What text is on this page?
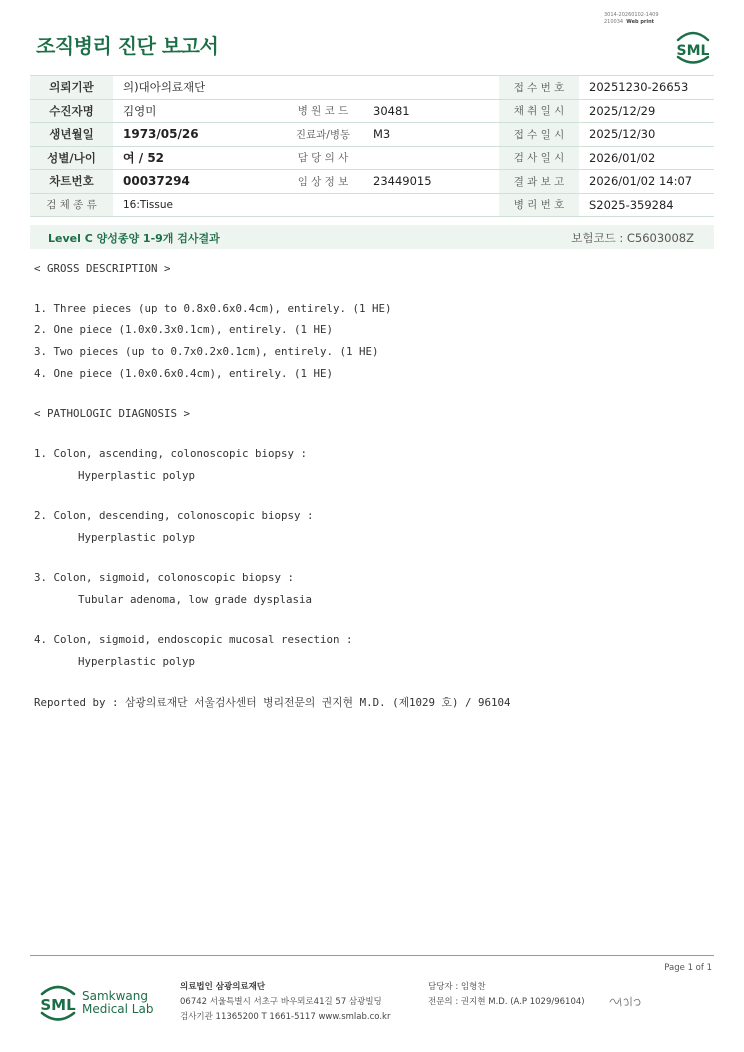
3014-20260102-1409
210034 Web print
조직병리 진단 보고서	SML
의뢰기관	의)대아의료재단			접 수 번 호	20251230-26653
수진자명	김영미	병 원 코 드	30481	채 취 일 시	2025/12/29
생년월일	1973/05/26	진료과/병동	M3	접 수 일 시	2025/12/30
성별/나이	여 / 52	담 당 의 사		검 사 일 시	2026/01/02
차트번호	00037294	임 상 정 보	23449015	결 과 보 고	2026/01/02 14:07
검 체 종 류	16:Tissue			병 리 번 호	S2025-359284
Level C 양성종양 1-9개 검사결과	보험코드 : C5603008Z
< GROSS DESCRIPTION >
1. Three pieces (up to 0.8x0.6x0.4cm), entirely. (1 HE)
2. One piece (1.0x0.3x0.1cm), entirely. (1 HE)
3. Two pieces (up to 0.7x0.2x0.1cm), entirely. (1 HE)
4. One piece (1.0x0.6x0.4cm), entirely. (1 HE)
< PATHOLOGIC DIAGNOSIS >
1. Colon, ascending, colonoscopic biopsy :
Hyperplastic polyp
2. Colon, descending, colonoscopic biopsy :
Hyperplastic polyp
3. Colon, sigmoid, colonoscopic biopsy :
Tubular adenoma, low grade dysplasia
4. Colon, sigmoid, endoscopic mucosal resection :
Hyperplastic polyp
Reported by : 삼광의료재단 서울검사센터 병리전문의 권지현 M.D. (제1029 호) / 96104
Page 1 of 1
SML Samkwang
Medical Lab
의료법인 삼광의료재단
06742 서울특별시 서초구 바우뫼로41길 57 삼광빌딩
검사기관 11365200 T 1661-5117 www.smlab.co.kr
담당자 : 임형찬
전문의 : 권지현 M.D. (A.P 1029/96104)
